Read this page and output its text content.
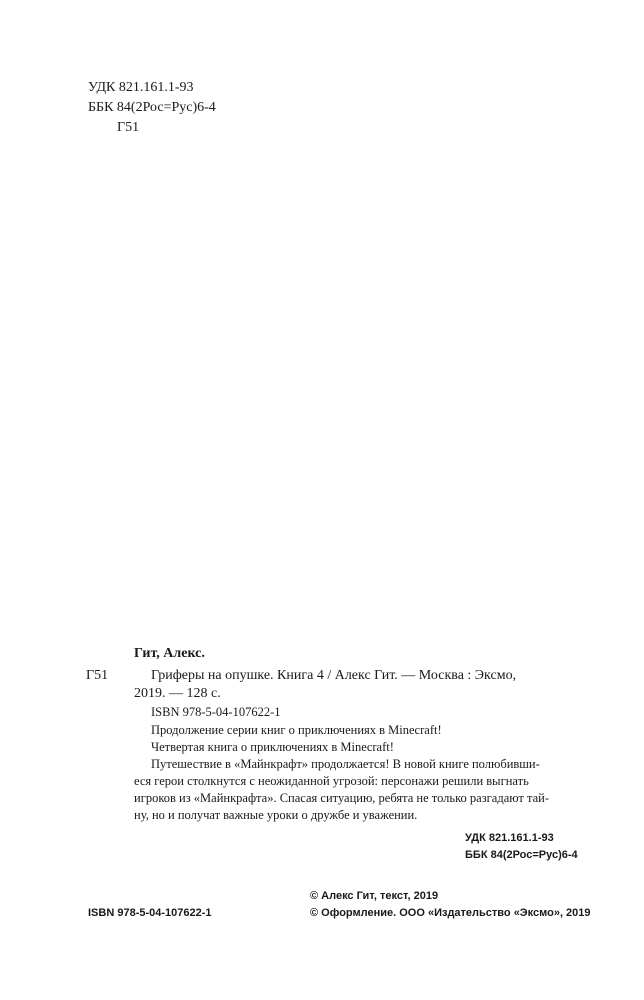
УДК 821.161.1-93
ББК 84(2Рос=Рус)6-4
Г51
Гит, Алекс.
Г51	Гриферы на опушке. Книга 4 / Алекс Гит. — Москва : Эксмо,
2019. — 128 с.
ISBN 978-5-04-107622-1
Продолжение серии книг о приключениях в Minecraft!
Четвертая книга о приключениях в Minecraft!
Путешествие в «Майнкрафт» продолжается! В новой книге полюбивши-
еся герои столкнутся с неожиданной угрозой: персонажи решили выгнать
игроков из «Майнкрафта». Спасая ситуацию, ребята не только разгадают тай-
ну, но и получат важные уроки о дружбе и уважении.
УДК 821.161.1-93
ББК 84(2Рос=Рус)6-4
© Алекс Гит, текст, 2019
ISBN 978-5-04-107622-1	© Оформление. ООО «Издательство «Эксмо», 2019
